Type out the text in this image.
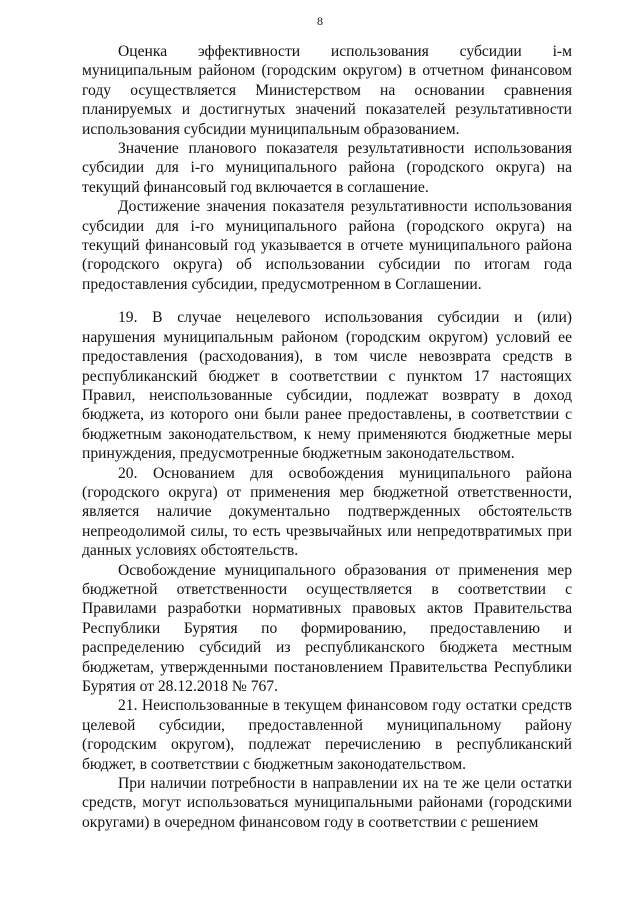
8

Оценка эффективности использования субсидии i-м муниципальным районом (городским округом) в отчетном финансовом году осуществляется Министерством на основании сравнения планируемых и достигнутых значений показателей результативности использования субсидии муниципальным образованием.

Значение планового показателя результативности использования субсидии для i-го муниципального района (городского округа) на текущий финансовый год включается в соглашение.

Достижение значения показателя результативности использования субсидии для i-го муниципального района (городского округа) на текущий финансовый год указывается в отчете муниципального района (городского округа) об использовании субсидии по итогам года предоставления субсидии, предусмотренном в Соглашении.

19. В случае нецелевого использования субсидии и (или) нарушения муниципальным районом (городским округом) условий ее предоставления (расходования), в том числе невозврата средств в республиканский бюджет в соответствии с пунктом 17 настоящих Правил, неиспользованные субсидии, подлежат возврату в доход бюджета, из которого они были ранее предоставлены, в соответствии с бюджетным законодательством, к нему применяются бюджетные меры принуждения, предусмотренные бюджетным законодательством.

20. Основанием для освобождения муниципального района (городского округа) от применения мер бюджетной ответственности, является наличие документально подтвержденных обстоятельств непреодолимой силы, то есть чрезвычайных или непредотвратимых при данных условиях обстоятельств.

Освобождение муниципального образования от применения мер бюджетной ответственности осуществляется в соответствии с Правилами разработки нормативных правовых актов Правительства Республики Бурятия по формированию, предоставлению и распределению субсидий из республиканского бюджета местным бюджетам, утвержденными постановлением Правительства Республики Бурятия от 28.12.2018 № 767.

21. Неиспользованные в текущем финансовом году остатки средств целевой субсидии, предоставленной муниципальному району (городским округом), подлежат перечислению в республиканский бюджет, в соответствии с бюджетным законодательством.

При наличии потребности в направлении их на те же цели остатки средств, могут использоваться муниципальными районами (городскими округами) в очередном финансовом году в соответствии с решением
